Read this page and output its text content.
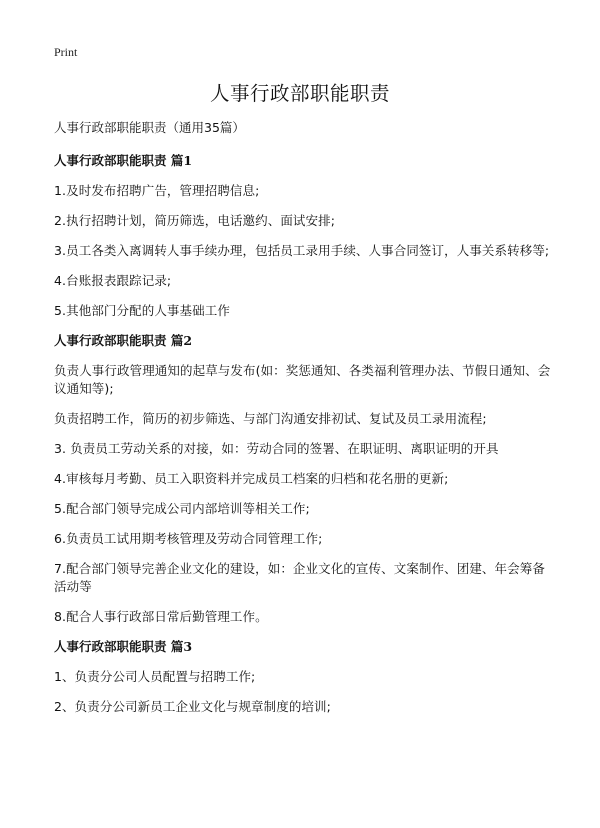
Print
人事行政部职能职责
人事行政部职能职责（通用35篇）
人事行政部职能职责 篇1
1.及时发布招聘广告，管理招聘信息;
2.执行招聘计划，简历筛选，电话邀约、面试安排;
3.员工各类入离调转人事手续办理，包括员工录用手续、人事合同签订，人事关系转移等;
4.台账报表跟踪记录;
5.其他部门分配的人事基础工作
人事行政部职能职责 篇2
负责人事行政管理通知的起草与发布(如：奖惩通知、各类福利管理办法、节假日通知、会议通知等);
负责招聘工作，简历的初步筛选、与部门沟通安排初试、复试及员工录用流程;
3. 负责员工劳动关系的对接，如：劳动合同的签署、在职证明、离职证明的开具
4.审核每月考勤、员工入职资料并完成员工档案的归档和花名册的更新;
5.配合部门领导完成公司内部培训等相关工作;
6.负责员工试用期考核管理及劳动合同管理工作;
7.配合部门领导完善企业文化的建设，如：企业文化的宣传、文案制作、团建、年会筹备活动等
8.配合人事行政部日常后勤管理工作。
人事行政部职能职责 篇3
1、负责分公司人员配置与招聘工作;
2、负责分公司新员工企业文化与规章制度的培训;
